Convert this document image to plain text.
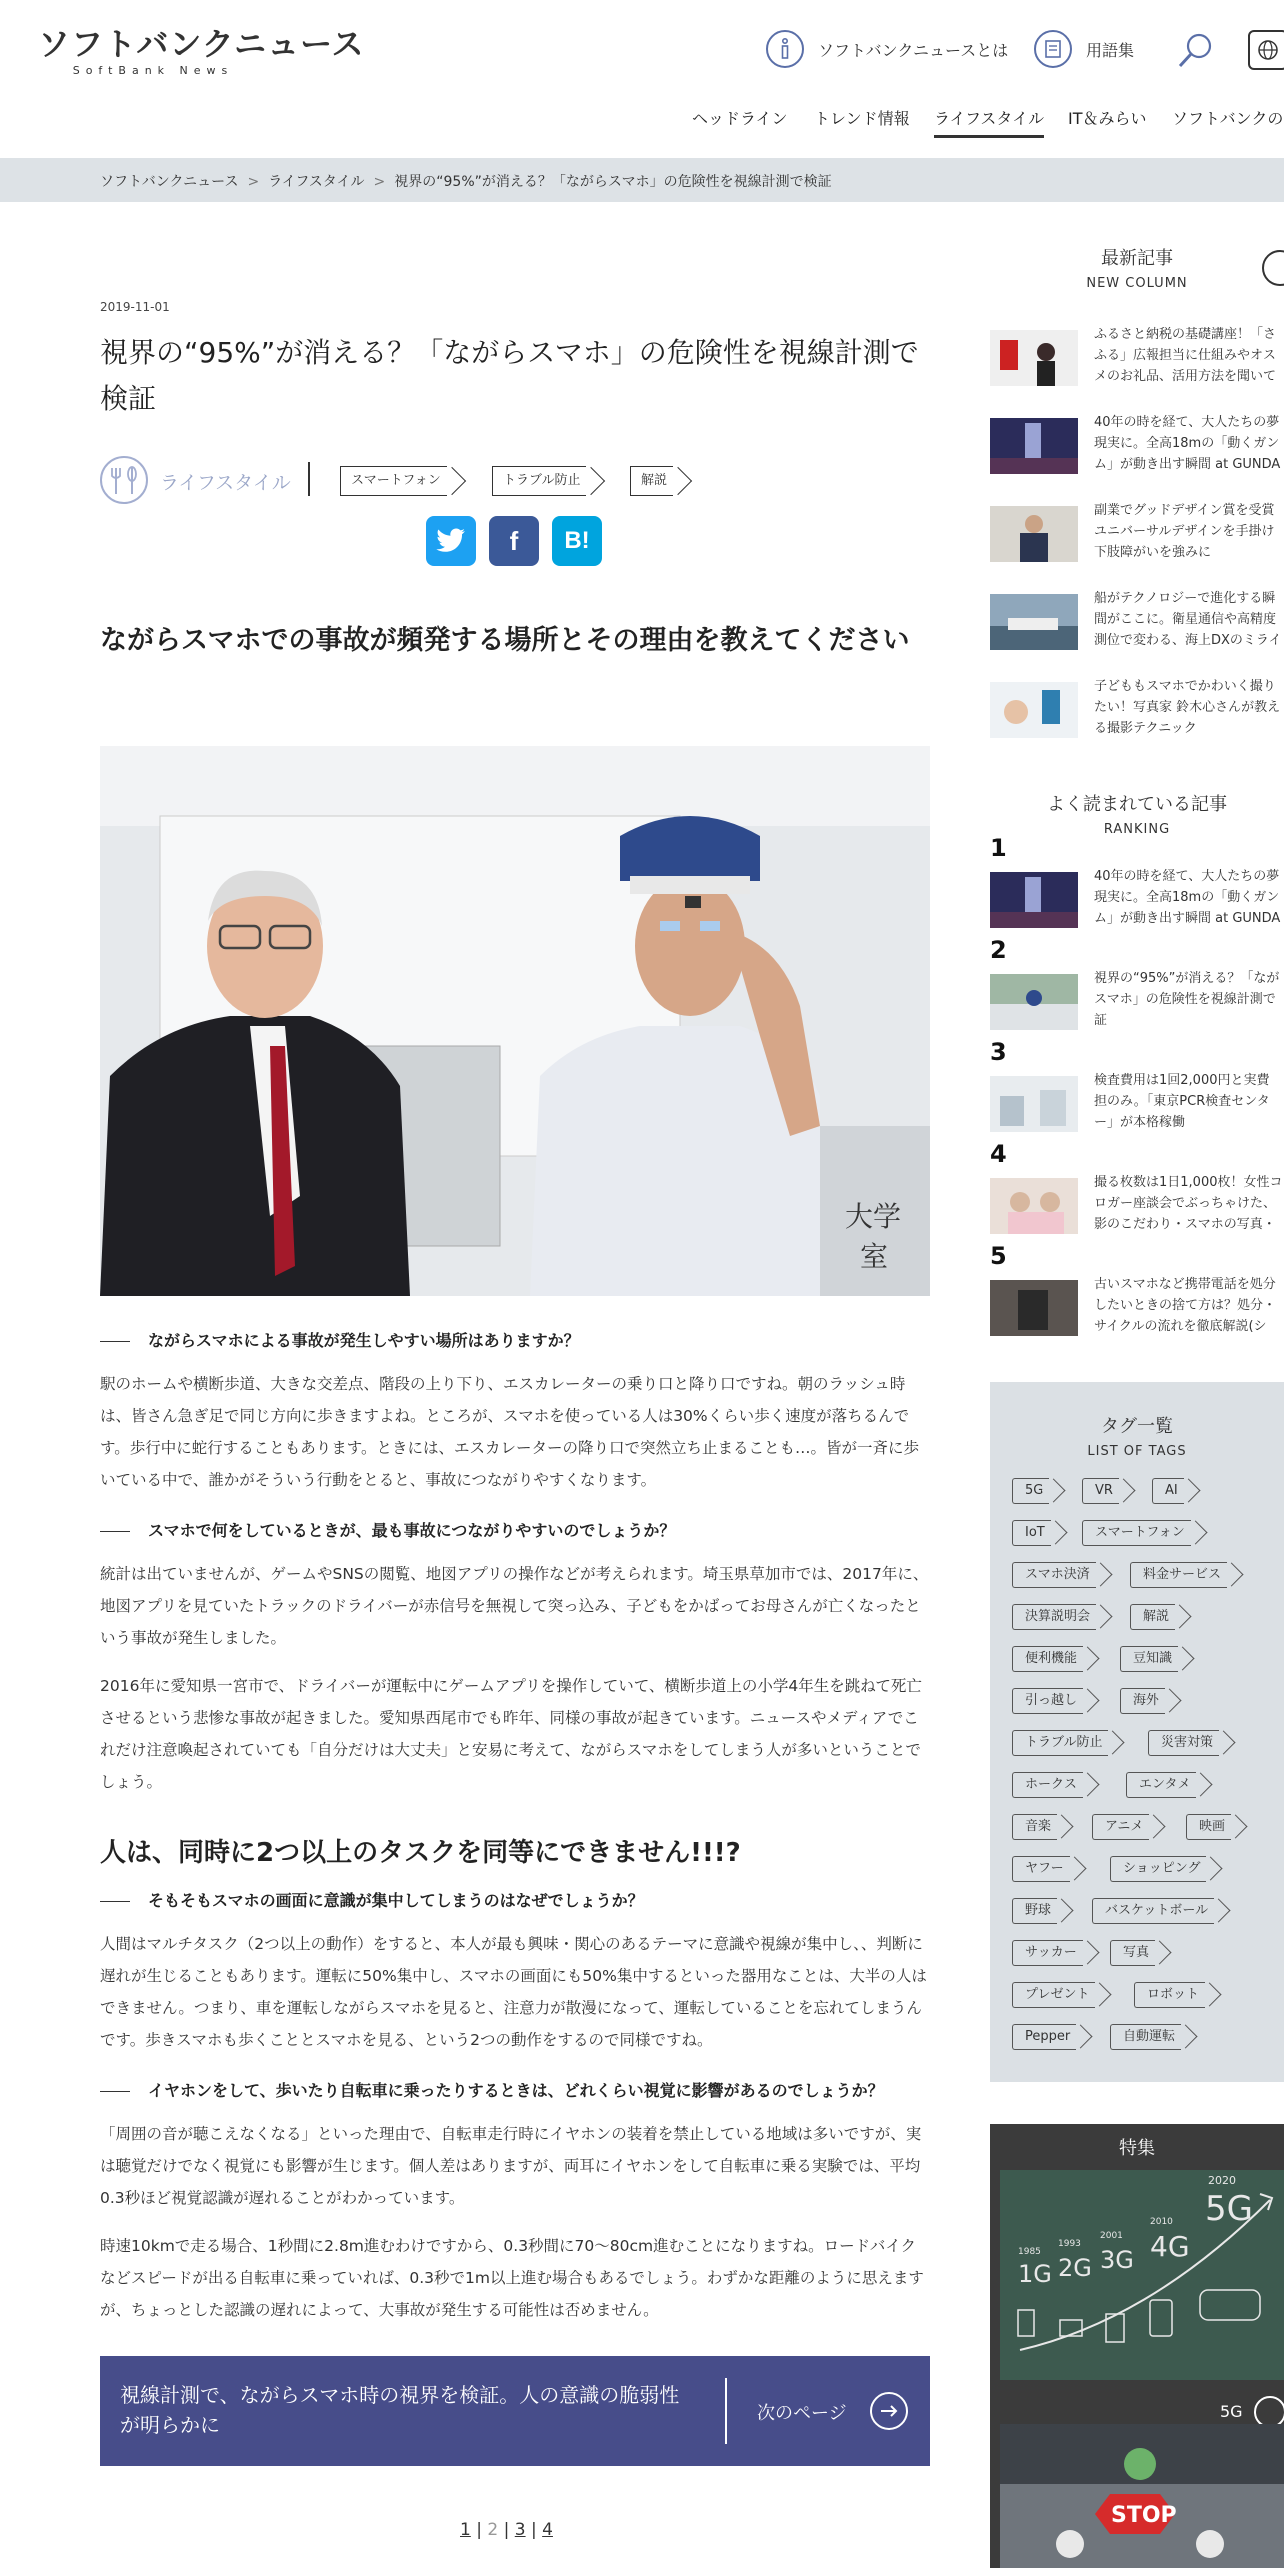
ソフトバンクニュース
SoftBank News
ソフトバンクニュースとは	用語集
ヘッドライン トレンド情報 ライフスタイル IT＆みらい ソフトバンクの
ソフトバンクニュース > ライフスタイル > 視界の“95%”が消える？「ながらスマホ」の危険性を視線計測で検証
2019-11-01
視界の“95%”が消える？「ながらスマホ」の危険性を視線計測で検証
ライフスタイル	スマートフォン	トラブル防止	解説
f B!
ながらスマホでの事故が頻発する場所とその理由を教えてください
大学
室
ながらスマホによる事故が発生しやすい場所はありますか？
駅のホームや横断歩道、大きな交差点、階段の上り下り、エスカレーターの乗り口と降り口ですね。朝のラッシュ時は、皆さん急ぎ足で同じ方向に歩きますよね。ところが、スマホを使っている人は30%くらい歩く速度が落ちるんです。歩行中に蛇行することもあります。ときには、エスカレーターの降り口で突然立ち止まることも…。皆が一斉に歩いている中で、誰かがそういう行動をとると、事故につながりやすくなります。
スマホで何をしているときが、最も事故につながりやすいのでしょうか？
統計は出ていませんが、ゲームやSNSの閲覧、地図アプリの操作などが考えられます。埼玉県草加市では、2017年に、地図アプリを見ていたトラックのドライバーが赤信号を無視して突っ込み、子どもをかばってお母さんが亡くなったという事故が発生しました。
2016年に愛知県一宮市で、ドライバーが運転中にゲームアプリを操作していて、横断歩道上の小学4年生を跳ねて死亡させるという悲惨な事故が起きました。愛知県西尾市でも昨年、同様の事故が起きています。ニュースやメディアでこれだけ注意喚起されていても「自分だけは大丈夫」と安易に考えて、ながらスマホをしてしまう人が多いということでしょう。
人は、同時に2つ以上のタスクを同等にできません!!!?
そもそもスマホの画面に意識が集中してしまうのはなぜでしょうか？
人間はマルチタスク（2つ以上の動作）をすると、本人が最も興味・関心のあるテーマに意識や視線が集中し、、判断に遅れが生じることもあります。運転に50%集中し、スマホの画面にも50%集中するといった器用なことは、大半の人はできません。つまり、車を運転しながらスマホを見ると、注意力が散漫になって、運転していることを忘れてしまうんです。歩きスマホも歩くこととスマホを見る、という2つの動作をするので同様ですね。
イヤホンをして、歩いたり自転車に乗ったりするときは、どれくらい視覚に影響があるのでしょうか？
「周囲の音が聴こえなくなる」といった理由で、自転車走行時にイヤホンの装着を禁止している地域は多いですが、実は聴覚だけでなく視覚にも影響が生じます。個人差はありますが、両耳にイヤホンをして自転車に乗る実験では、平均0.3秒ほど視覚認識が遅れることがわかっています。
時速10kmで走る場合、1秒間に2.8m進むわけですから、0.3秒間に70〜80cm進むことになりますね。ロードバイクなどスピードが出る自転車に乗っていれば、0.3秒で1m以上進む場合もあるでしょう。わずかな距離のように思えますが、ちょっとした認識の遅れによって、大事故が発生する可能性は否めません。
視線計測で、ながらスマホ時の視界を検証。人の意識の脆弱性が明らかに	次のページ
1 | 2 | 3 | 4
最新記事
NEW COLUMN
ふるさと納税の基礎講座！「さ
ふる」広報担当に仕組みやオス
メのお礼品、活用方法を聞いて
40年の時を経て、大人たちの夢
現実に。全高18mの「動くガン
ム」が動き出す瞬間 at GUNDA
副業でグッドデザイン賞を受賞
ユニバーサルデザインを手掛け
下肢障がいを強みに
船がテクノロジーで進化する瞬
間がここに。衛星通信や高精度
測位で変わる、海上DXのミライ
子どももスマホでかわいく撮り
たい！写真家 鈴木心さんが教え
る撮影テクニック
よく読まれている記事
RANKING
1
40年の時を経て、大人たちの夢
現実に。全高18mの「動くガン
ム」が動き出す瞬間 at GUNDA
2
視界の“95%”が消える？「なが
スマホ」の危険性を視線計測で
証
3
検査費用は1回2,000円と実費
担のみ。「東京PCR検査センタ
ー」が本格稼働
4
撮る枚数は1日1,000枚！女性コ
ロガー座談会でぶっちゃけた、
影のこだわり・スマホの写真・
5
古いスマホなど携帯電話を処分
したいときの捨て方は？処分・
サイクルの流れを徹底解説(シ
タグ一覧
LIST OF TAGS
5G	VR	AI
IoT	スマートフォン
スマホ決済	料金サービス
決算説明会	解説
便利機能	豆知識
引っ越し	海外
トラブル防止	災害対策
ホークス	エンタメ
音楽	アニメ	映画
ヤフー	ショッピング
野球	バスケットボール
サッカー	写真
プレゼント	ロボット
Pepper	自動運転
特集
1985
1G
1993
2G
2001
3G
2010
4G
2020
5G
5G
STOP
